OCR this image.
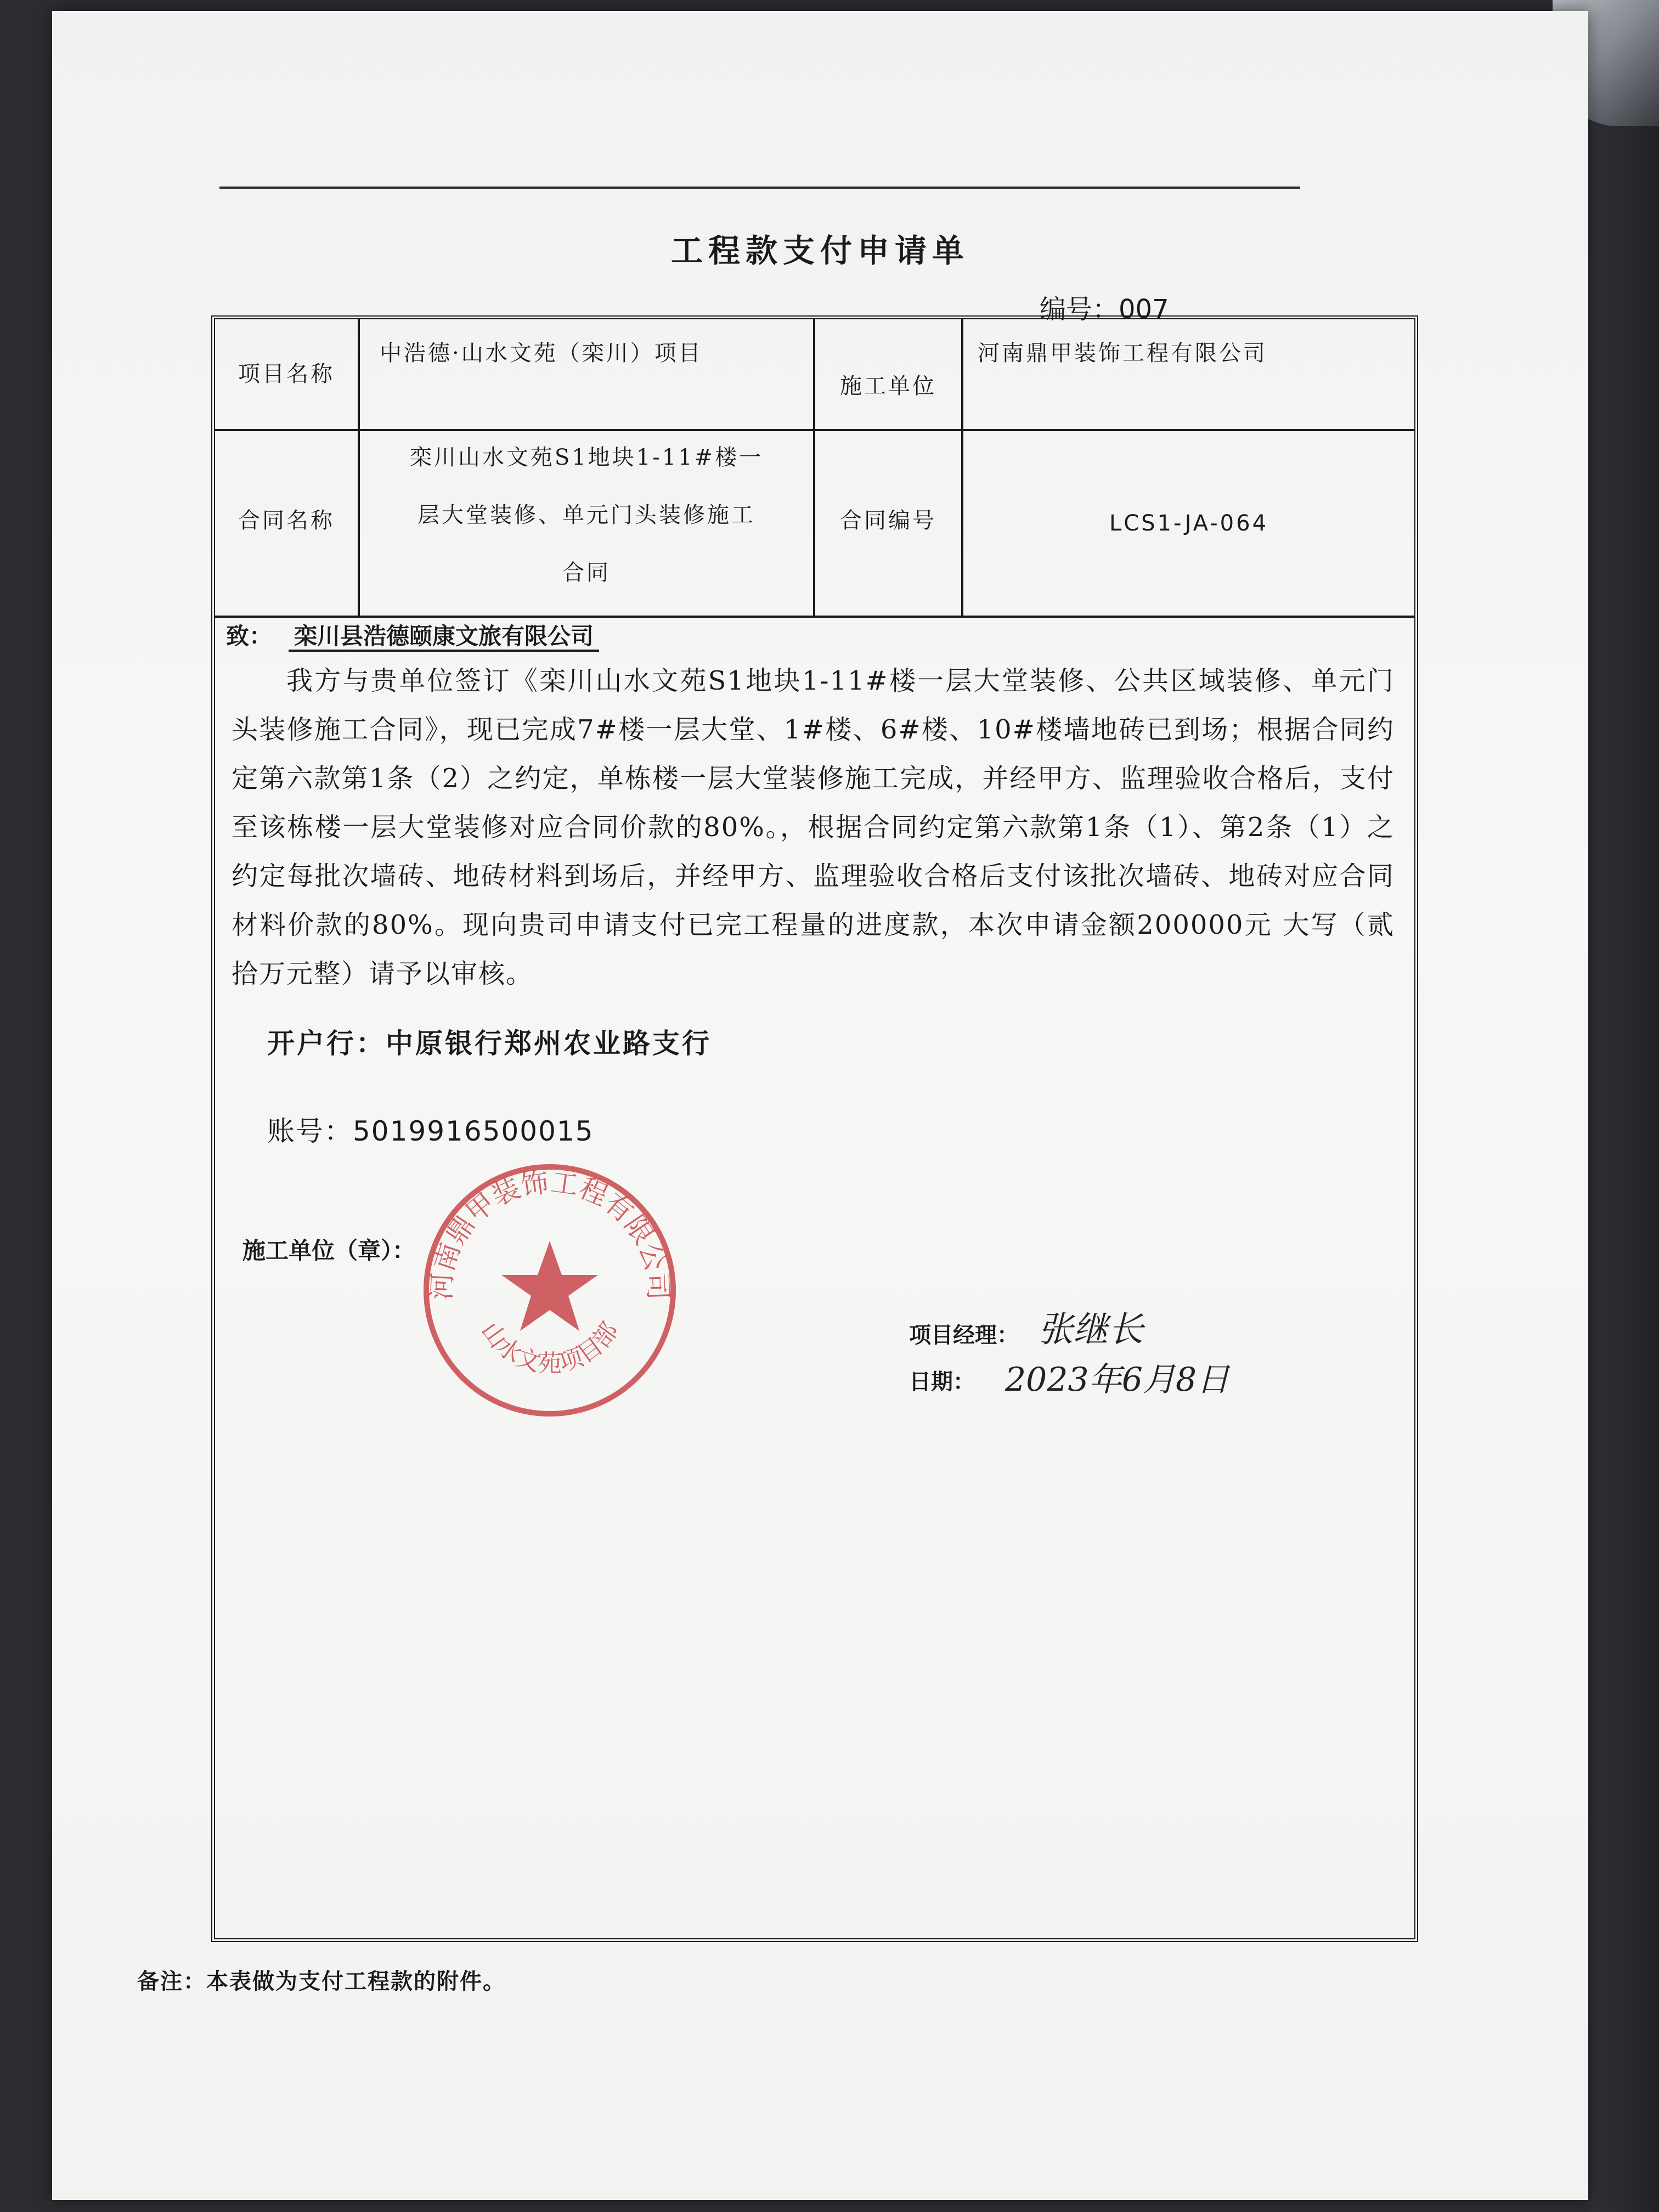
工程款支付申请单
编号：007
项目名称
中浩德·山水文苑（栾川）项目
施工单位
河南鼎甲装饰工程有限公司
合同名称
栾川山水文苑S1地块1-11#楼一
层大堂装修、单元门头装修施工
合同
合同编号	LCS1-JA-064
致： 栾川县浩德颐康文旅有限公司
我方与贵单位签订《栾川山水文苑S1地块1-11#楼一层大堂装修、公共区域装修、单元门头装修施工合同》，现已完成7#楼一层大堂、1#楼、6#楼、10#楼墙地砖已到场；根据合同约定第六款第1条（2）之约定，单栋楼一层大堂装修施工完成，并经甲方、监理验收合格后，支付至该栋楼一层大堂装修对应合同价款的80%。，根据合同约定第六款第1条（1）、第2条（1）之约定每批次墙砖、地砖材料到场后，并经甲方、监理验收合格后支付该批次墙砖、地砖对应合同材料价款的80%。现向贵司申请支付已完工程量的进度款，本次申请金额200000元 大写（贰拾万元整）请予以审核。
开户行：中原银行郑州农业路支行
账号：5019916500015
施工单位（章）：
河南鼎甲装饰工程有限公司
山水文苑项目部	项目经理： 张继长
日期： 2023年6月8日
备注：本表做为支付工程款的附件。
